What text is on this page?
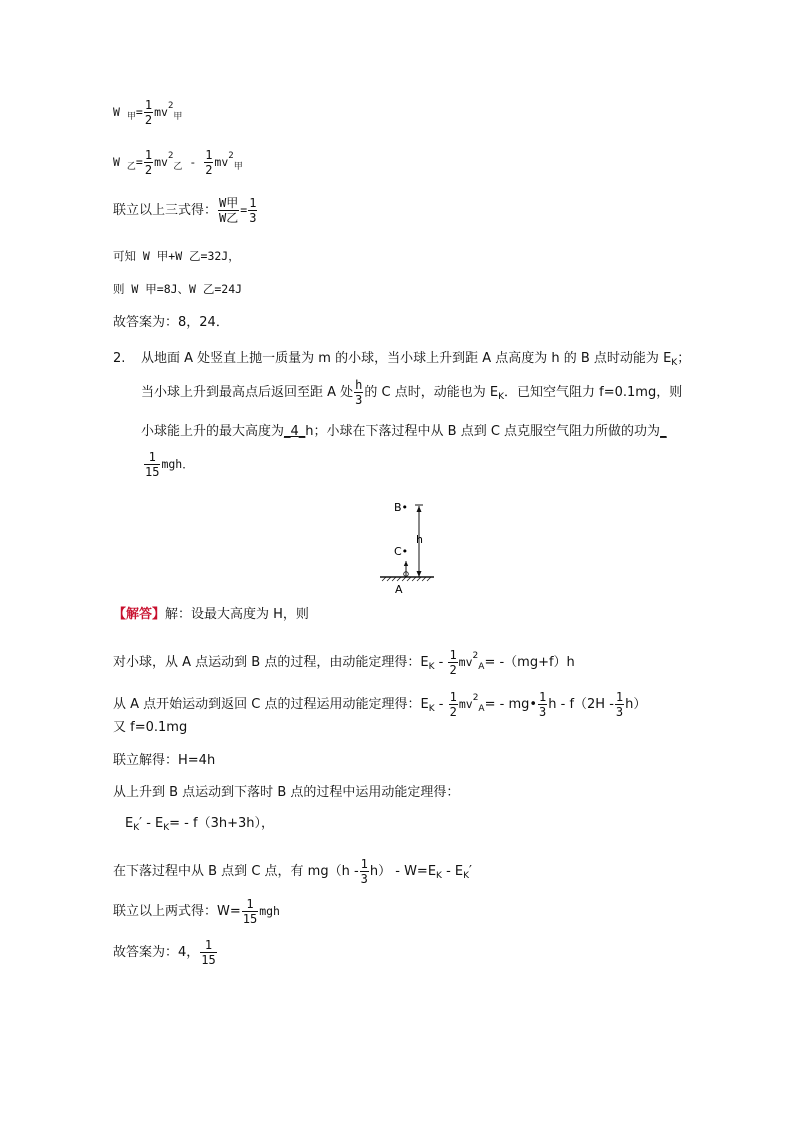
W $_甲= \frac{1}{2} mv^2_甲$
W $_乙= \frac{1}{2} mv^2_乙 - \frac{1}{2} mv^2_甲$
联立以上三式得： $\frac{\text{W甲}}{\text{W乙}} = \frac{1}{3}$
可知 W 甲+W 乙=32J，
则 W 甲=8J、W 乙=24J
故答案为：8，24．
2. 从地面 A 处竖直上抛一质量为 m 的小球，当小球上升到距 A 点高度为 h 的 B 点时动能为 $E_K$；
当小球上升到最高点后返回至距 A 处 $\frac{h}{3}$ 的 C 点时，动能也为 $E_K$．已知空气阻力 f=0.1mg，则
小球能上升的最大高度为_4_h；小球在下落过程中从 B 点到 C 点克服空气阻力所做的功为_
$\frac{1}{15}$ mgh．
B•
h
C•
A
【解答】解：设最大高度为 H，则
对小球，从 A 点运动到 B 点的过程，由动能定理得：$E_K - \frac{1}{2} mv^2_A= -(mg+f)h$
从 A 点开始运动到返回 C 点的过程运用动能定理得：$E_K - \frac{1}{2} mv^2_A=$ - mg• $\frac{1}{3}$ h - $f(2H - \frac{1}{3} h)$
又 f=0.1mg
联立解得：H=4h
从上升到 B 点运动到下落时 B 点的过程中运用动能定理得：
$E_K' - E_K= - f(3h+3h)$，
在下落过程中从 B 点到 C 点，有 $mg(h - \frac{1}{3} h) - W=E_K - E_K'$
联立以上两式得：$W= \frac{1}{15}$ mgh
故答案为：4， $\frac{1}{15}$
